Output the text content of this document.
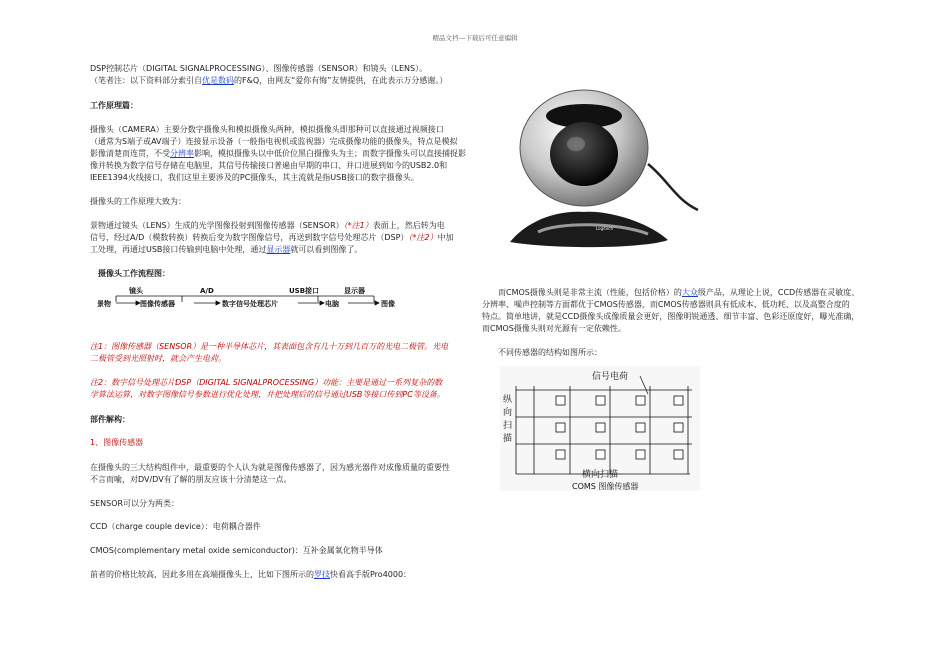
精品文档---下载后可任意编辑
DSP控制芯片（DIGITAL SIGNALPROCESSING）、图像传感器（SENSOR）和镜头（LENS）。
（笔者注：以下资料部分索引自优是数码的F&Q，由网友“爱你有悔”友情提供，在此表示万分感谢。）
工作原理篇：
摄像头（CAMERA）主要分数字摄像头和模拟摄像头两种，模拟摄像头即那种可以直接通过视频接口
（通常为S端子或AV端子）连接显示设备（一般指电视机或监视器）完成摄像功能的摄像头，特点是模拟
影像清楚而连贯，不受分辨率影响，模拟摄像头以中低价位黑白摄像头为主；而数字摄像头可以直接捕捉影
像并转换为数字信号存储在电脑里，其信号传输接口普遍由早期的串口、并口进展到如今的USB2.0和
IEEE1394火线接口，我们这里主要涉及的PC摄像头，其主流就是指USB接口的数字摄像头。
摄像头的工作原理大致为：
景物通过镜头（LENS）生成的光学图像投射到图像传感器（SENSOR）（*注1）表面上，然后转为电
信号，经过A/D（模数转换）转换后变为数字图像信号，再送到数字信号处理芯片（DSP）（*注2）中加
工处理，再通过USB接口传输到电脑中处理，通过显示器就可以看到图像了。
摄像头工作流程图：
镜头	A/D	USB接口	显示器
景物	图像传感器	数字信号处理芯片	电脑	图像
注1：图像传感器（SENSOR）是一种半导体芯片，其表面包含有几十万到几百万的光电二极管。光电
二极管受到光照射时，就会产生电荷。
注2：数字信号处理芯片DSP（DIGITAL SIGNALPROCESSING）功能：主要是通过一系列复杂的数
学算法运算，对数字图像信号参数进行优化处理，并把处理后的信号通过USB等接口传到PC等设备。
部件解构：
1、图像传感器
在摄像头的三大结构组件中，最重要的个人认为就是图像传感器了，因为感光器件对成像质量的重要性
不言而喻，对DV/DV有了解的朋友应该十分清楚这一点。
SENSOR可以分为两类：
CCD（charge couple device）：电荷耦合器件
CMOS(complementary metal oxide semiconductor)：互补金属氧化物半导体
前者的价格比较高，因此多用在高端摄像头上，比如下图所示的罗技快看高手版Pro4000：
Logitech
而CMOS摄像头则是非常主流（性能，包括价格）的大众级产品，从理论上说，CCD传感器在灵敏度、
分辨率、噪声控制等方面都优于CMOS传感器，而CMOS传感器则具有低成本、低功耗、以及高整合度的
特点。简单地讲，就是CCD摄像头成像质量会更好，图像明锐通透、细节丰富、色彩还原度好，曝光准确，
而CMOS摄像头则对光源有一定依赖性。
不同传感器的结构如图所示：
信号电荷
纵
向
扫
描
横向扫描
COMS 图像传感器
